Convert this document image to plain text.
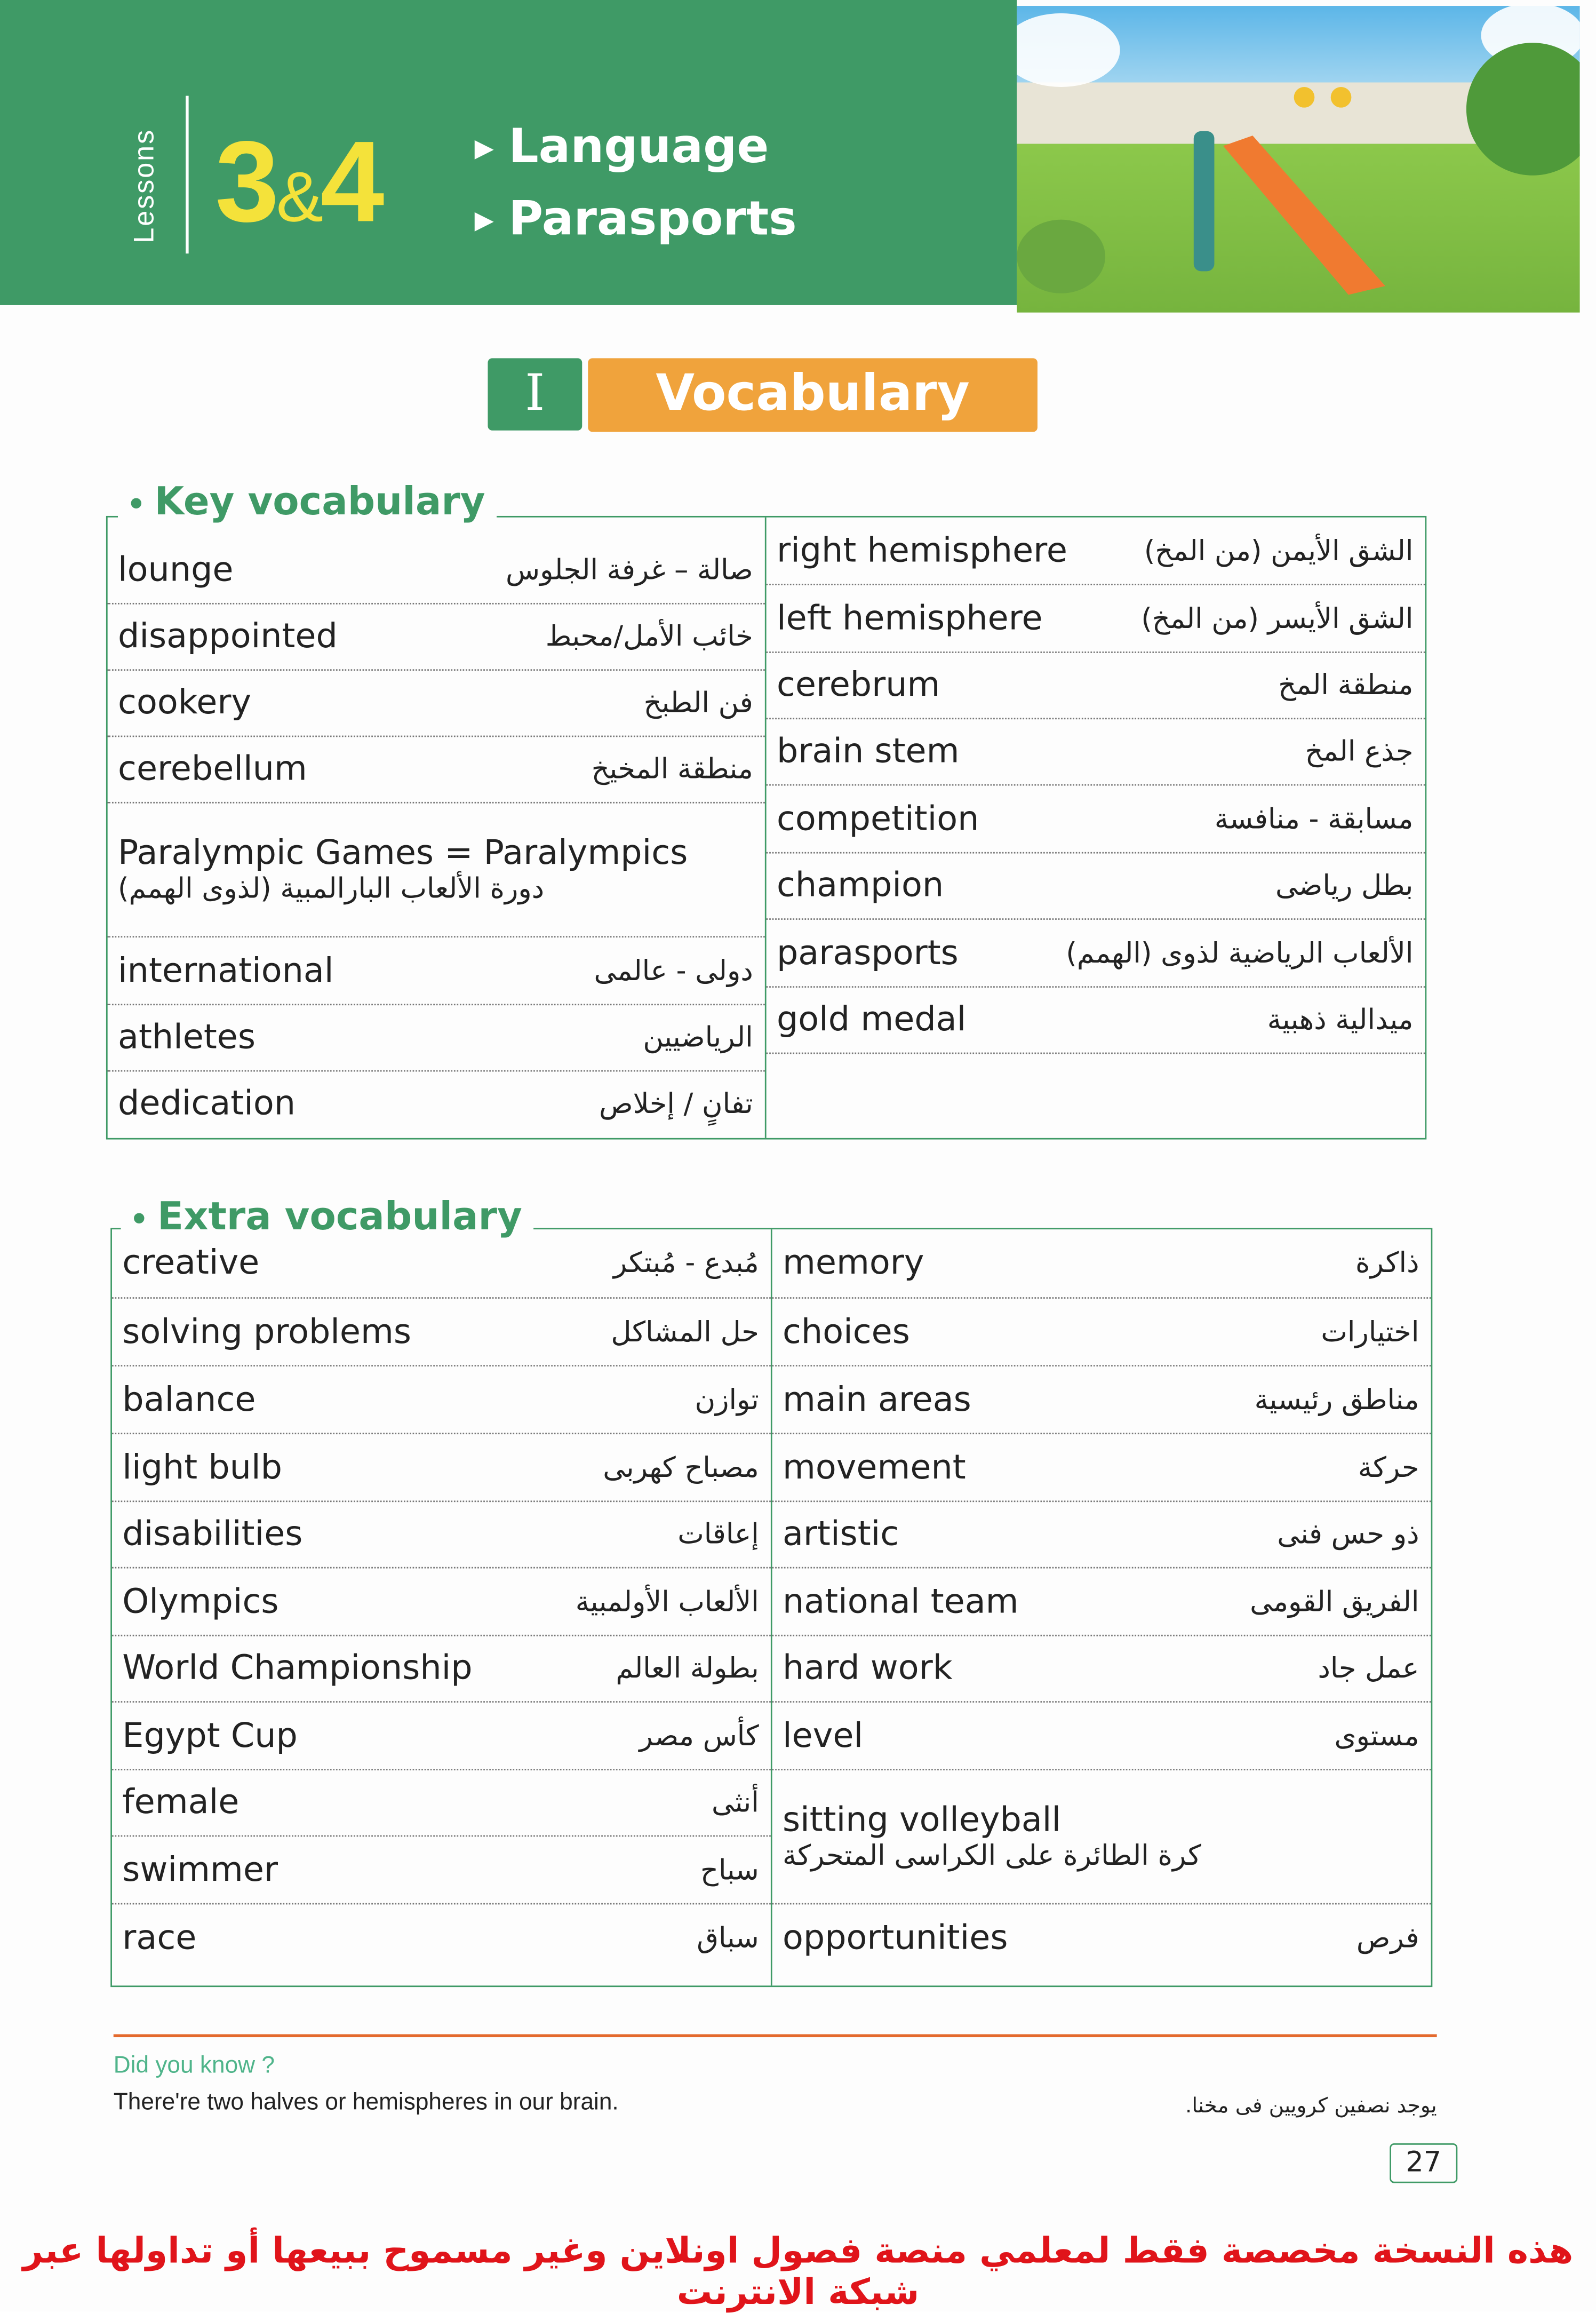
Lessons 3&4	▶ Language
▶ Parasports
I	Vocabulary
lounge	صالة – غرفة الجلوس
disappointed	خائب الأمل/محبط
cookery	فن الطبخ
cerebellum	منطقة المخيخ
Paralympic Games = Paralympics
دورة الألعاب البارالمبية (لذوى الهمم)
international	دولى - عالمى
athletes	الرياضيين
dedication	تفانٍ / إخلاص
right hemisphere	الشق الأيمن (من المخ)
left hemisphere	الشق الأيسر (من المخ)
cerebrum	منطقة المخ
brain stem	جذع المخ
competition	مسابقة - منافسة
champion	بطل رياضى
parasports	الألعاب الرياضية لذوى (الهمم)
gold medal	ميدالية ذهبية
• Key vocabulary
creative	مُبدع - مُبتكر
solving problems	حل المشاكل
balance	توازن
light bulb	مصباح كهربى
disabilities	إعاقات
Olympics	الألعاب الأولمبية
World Championship	بطولة العالم
Egypt Cup	كأس مصر
female	أنثى
swimmer	سباح
race	سباق
memory	ذاكرة
choices	اختيارات
main areas	مناطق رئيسية
movement	حركة
artistic	ذو حس فنى
national team	الفريق القومى
hard work	عمل جاد
level	مستوى
sitting volleyball
كرة الطائرة على الكراسى المتحركة
opportunities	فرص
• Extra vocabulary
Did you know ?
There're two halves or hemispheres in our brain.	يوجد نصفين كرويين فى مخنا.
27
هذه النسخة مخصصة فقط لمعلمي منصة فصول اونلاين وغير مسموح ببيعها أو تداولها عبر شبكة الانترنت
